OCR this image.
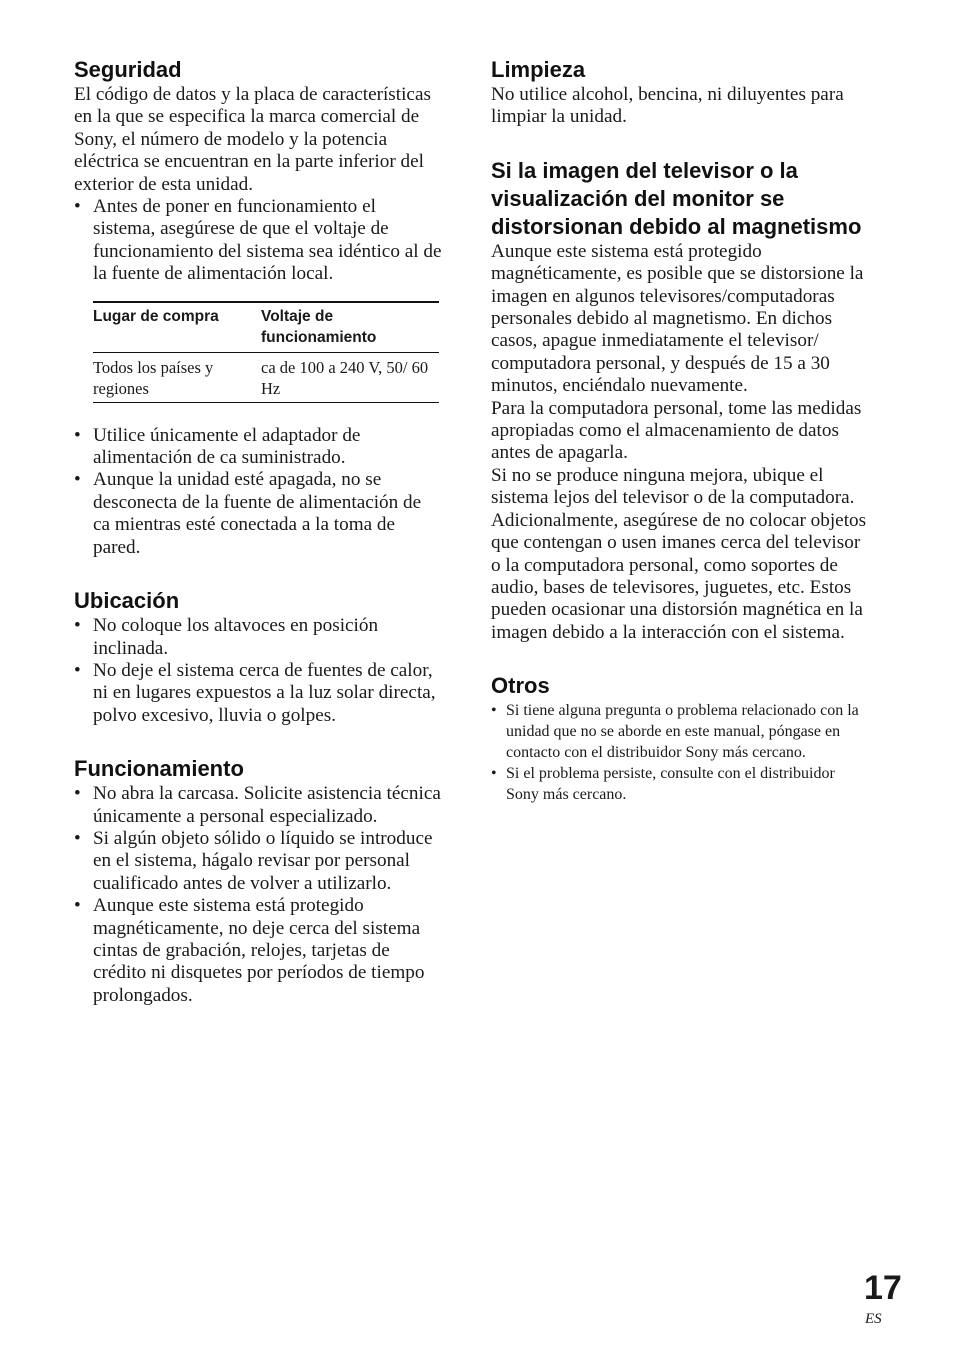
Seguridad

El código de datos y la placa de características en la que se especifica la marca comercial de Sony, el número de modelo y la potencia eléctrica se encuentran en la parte inferior del exterior de esta unidad.

• Antes de poner en funcionamiento el sistema, asegúrese de que el voltaje de funcionamiento del sistema sea idéntico al de la fuente de alimentación local.
Lugar de compra	Voltaje de funcionamiento
Todos los países y regiones	ca de 100 a 240 V, 50/ 60 Hz
• Utilice únicamente el adaptador de alimentación de ca suministrado.
• Aunque la unidad esté apagada, no se desconecta de la fuente de alimentación de ca mientras esté conectada a la toma de pared.
Ubicación
• No coloque los altavoces en posición inclinada.
• No deje el sistema cerca de fuentes de calor, ni en lugares expuestos a la luz solar directa, polvo excesivo, lluvia o golpes.
Funcionamiento
• No abra la carcasa. Solicite asistencia técnica únicamente a personal especializado.
• Si algún objeto sólido o líquido se introduce en el sistema, hágalo revisar por personal cualificado antes de volver a utilizarlo.
• Aunque este sistema está protegido magnéticamente, no deje cerca del sistema cintas de grabación, relojes, tarjetas de crédito ni disquetes por períodos de tiempo prolongados.
Limpieza

No utilice alcohol, bencina, ni diluyentes para limpiar la unidad.

Si la imagen del televisor o la visualización del monitor se distorsionan debido al magnetismo

Aunque este sistema está protegido magnéticamente, es posible que se distorsione la imagen en algunos televisores/computadoras personales debido al magnetismo. En dichos casos, apague inmediatamente el televisor/ computadora personal, y después de 15 a 30 minutos, enciéndalo nuevamente.

Para la computadora personal, tome las medidas apropiadas como el almacenamiento de datos antes de apagarla.

Si no se produce ninguna mejora, ubique el sistema lejos del televisor o de la computadora.

Adicionalmente, asegúrese de no colocar objetos que contengan o usen imanes cerca del televisor o la computadora personal, como soportes de audio, bases de televisores, juguetes, etc. Estos pueden ocasionar una distorsión magnética en la imagen debido a la interacción con el sistema.

Otros
• Si tiene alguna pregunta o problema relacionado con la unidad que no se aborde en este manual, póngase en contacto con el distribuidor Sony más cercano.
• Si el problema persiste, consulte con el distribuidor Sony más cercano.
17
ES
